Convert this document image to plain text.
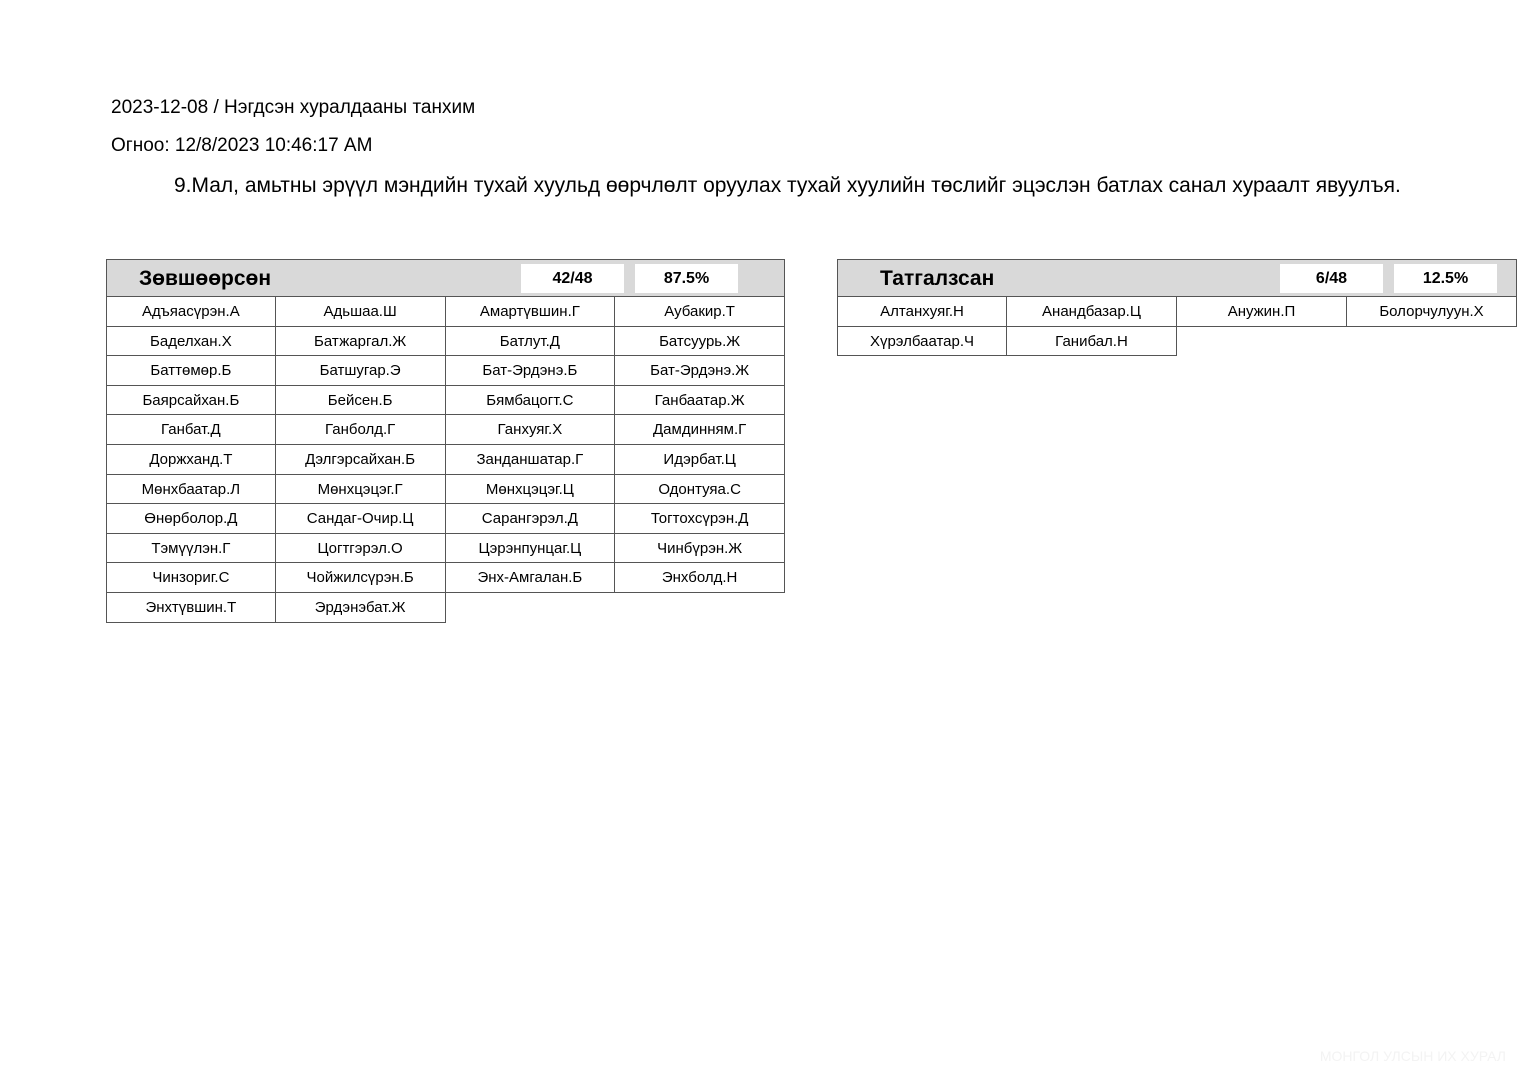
2023-12-08 / Нэгдсэн хуралдааны танхим
Огноо: 12/8/2023 10:46:17 AM
9.Мал, амьтны эрүүл мэндийн тухай хуульд өөрчлөлт оруулах тухай хуулийн төслийг эцэслэн батлах санал хураалт явуулъя.
Зөвшөөрсөн	42/48	87.5%
Адъяасүрэн.А	Адьшаа.Ш	Амартүвшин.Г	Аубакир.Т
Баделхан.Х	Батжаргал.Ж	Батлут.Д	Батсуурь.Ж
Баттөмөр.Б	Батшугар.Э	Бат-Эрдэнэ.Б	Бат-Эрдэнэ.Ж
Баярсайхан.Б	Бейсен.Б	Бямбацогт.С	Ганбаатар.Ж
Ганбат.Д	Ганболд.Г	Ганхуяг.Х	Дамдинням.Г
Доржханд.Т	Дэлгэрсайхан.Б	Занданшатар.Г	Идэрбат.Ц
Мөнхбаатар.Л	Мөнхцэцэг.Г	Мөнхцэцэг.Ц	Одонтуяа.С
Өнөрболор.Д	Сандаг-Очир.Ц	Сарангэрэл.Д	Тогтохсүрэн.Д
Тэмүүлэн.Г	Цогтгэрэл.О	Цэрэнпунцаг.Ц	Чинбүрэн.Ж
Чинзориг.С	Чойжилсүрэн.Б	Энх-Амгалан.Б	Энхболд.Н
Энхтүвшин.Т	Эрдэнэбат.Ж
Татгалзсан	6/48	12.5%
Алтанхуяг.Н	Анандбазар.Ц	Анужин.П	Болорчулуун.Х
Хүрэлбаатар.Ч	Ганибал.Н
МОНГОЛ УЛСЫН ИХ ХУРАЛ
